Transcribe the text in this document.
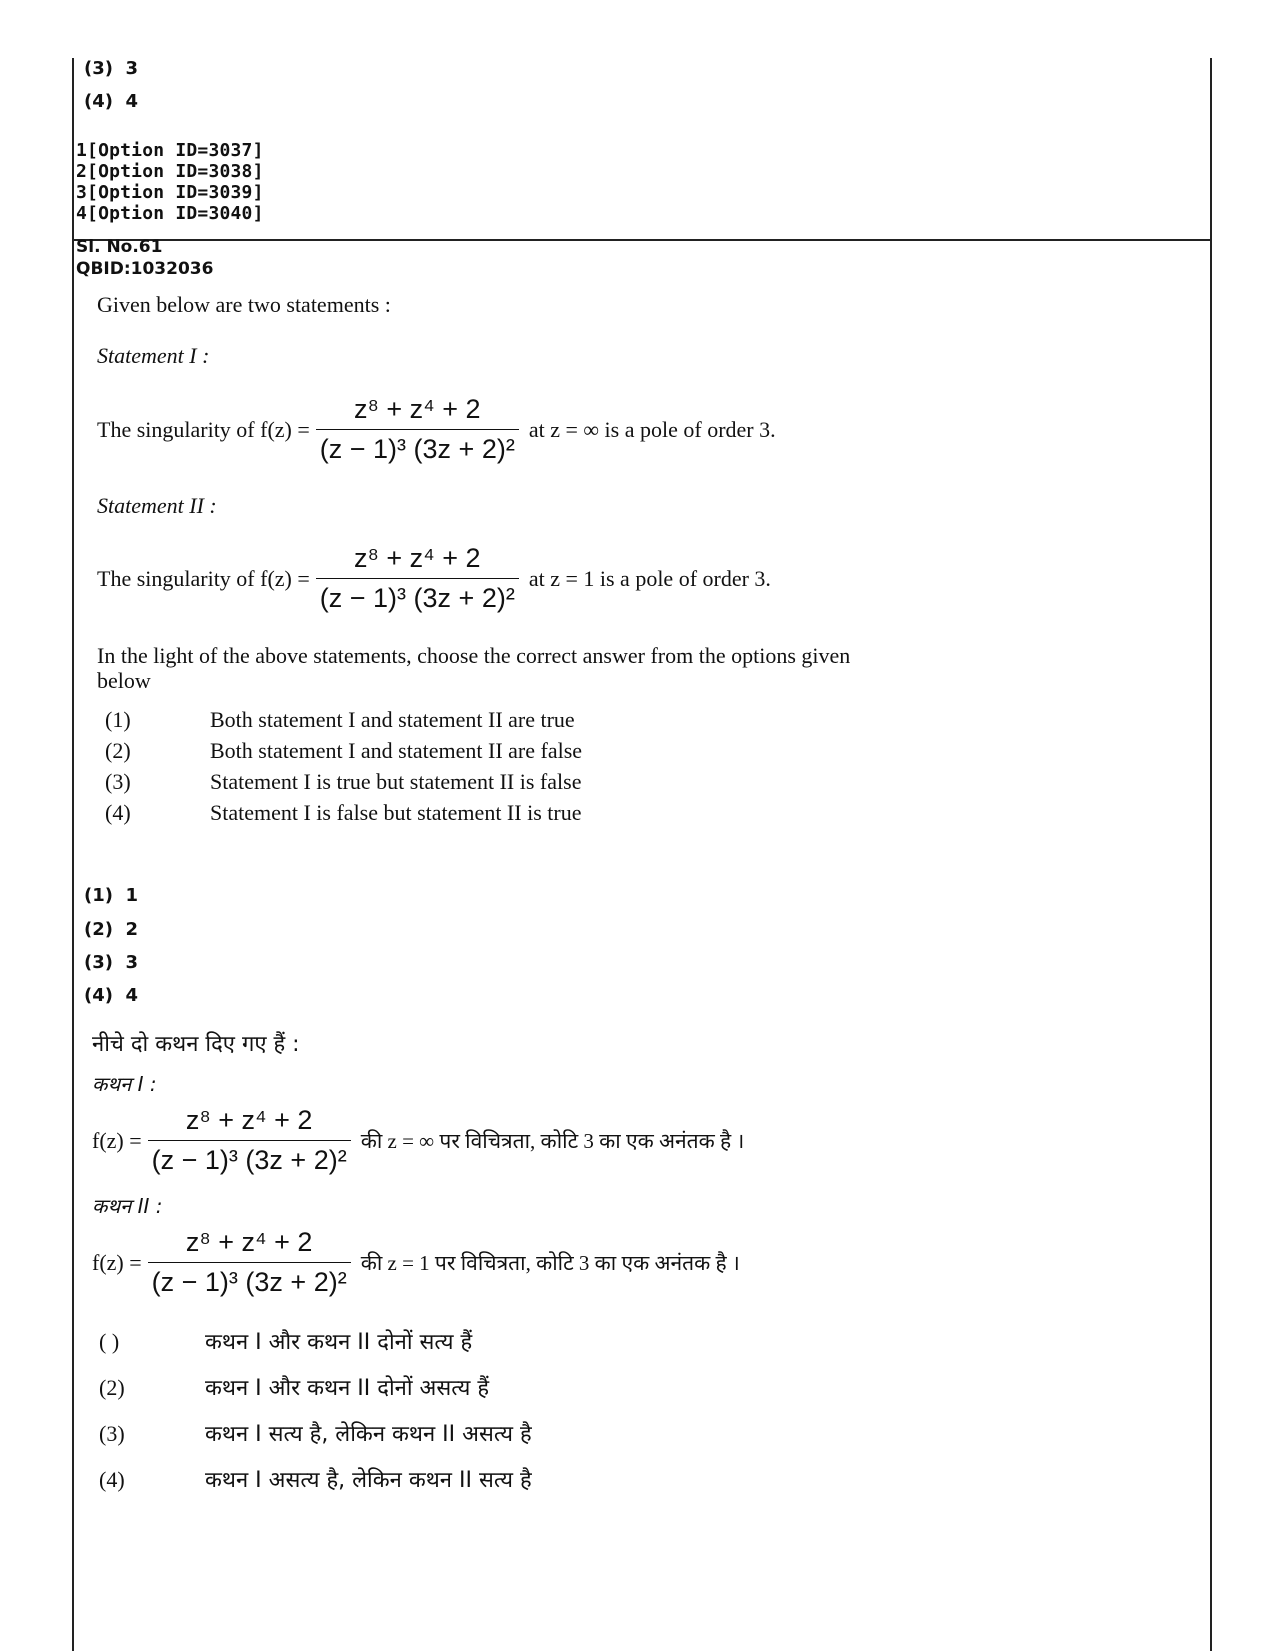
(3) 3
(4) 4
1[Option ID=3037]
2[Option ID=3038]
3[Option ID=3039]
4[Option ID=3040]
Sl. No.61
QBID:1032036
Given below are two statements :
Statement I :
The singularity of $f(z) = \frac{\text{z⁸ + z⁴ + 2}}{\text{(z − 1)³ (3z + 2)²}}$ at z = ∞ is a pole of order 3.
Statement II :
The singularity of $f(z) = \frac{\text{z⁸ + z⁴ + 2}}{\text{(z − 1)³ (3z + 2)²}}$ at z = 1 is a pole of order 3.
In the light of the above statements, choose the correct answer from the options given
below
(1)	Both statement I and statement II are true
(2)	Both statement I and statement II are false
(3)	Statement I is true but statement II is false
(4)	Statement I is false but statement II is true
(1) 1
(2) 2
(3) 3
(4) 4
नीचे दो कथन दिए गए हैं :
कथन I :
$f(z) = \frac{\text{z⁸ + z⁴ + 2}}{\text{(z − 1)³ (3z + 2)²}}$ की z = ∞ पर विचित्रता, कोटि 3 का एक अनंतक है ।
कथन II :
$f(z) = \frac{\text{z⁸ + z⁴ + 2}}{\text{(z − 1)³ (3z + 2)²}}$ की z = 1 पर विचित्रता, कोटि 3 का एक अनंतक है ।
( )	कथन I और कथन II दोनों सत्य हैं
(2)	कथन I और कथन II दोनों असत्य हैं
(3)	कथन I सत्य है, लेकिन कथन II असत्य है
(4)	कथन I असत्य है, लेकिन कथन II सत्य है
